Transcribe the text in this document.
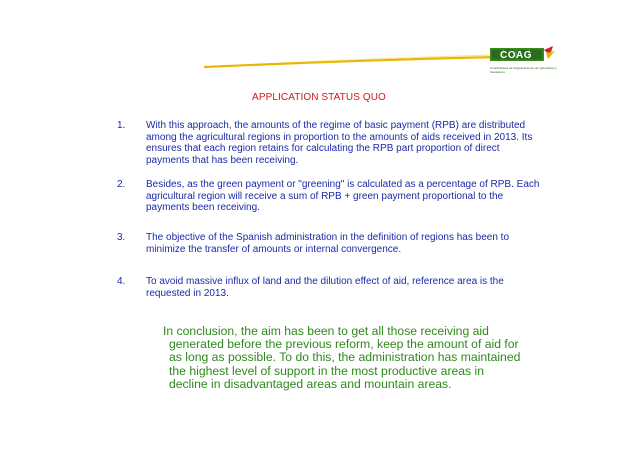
COAG
Coordinadora de Organizaciones de Agricultores y Ganaderos
APPLICATION STATUS QUO
1.	With this approach, the amounts of the regime of basic payment (RPB) are distributed among the agricultural regions in proportion to the amounts of aids received in 2013. Its ensures that each region retains for calculating the RPB part proportion of direct payments that has been receiving.
2.	Besides, as the green payment or "greening" is calculated as a percentage of RPB. Each agricultural region will receive a sum of RPB + green payment proportional to the payments been receiving.
3.	The objective of the Spanish administration in the definition of regions has been to minimize the transfer of amounts or internal convergence.
4.	To avoid massive influx of land and the dilution effect of aid, reference area is the requested in 2013.
In conclusion, the aim has been to get all those receiving aid
generated before the previous reform, keep the amount of aid for as long as possible. To do this, the administration has maintained the highest level of support in the most productive areas in decline in disadvantaged areas and mountain areas.
